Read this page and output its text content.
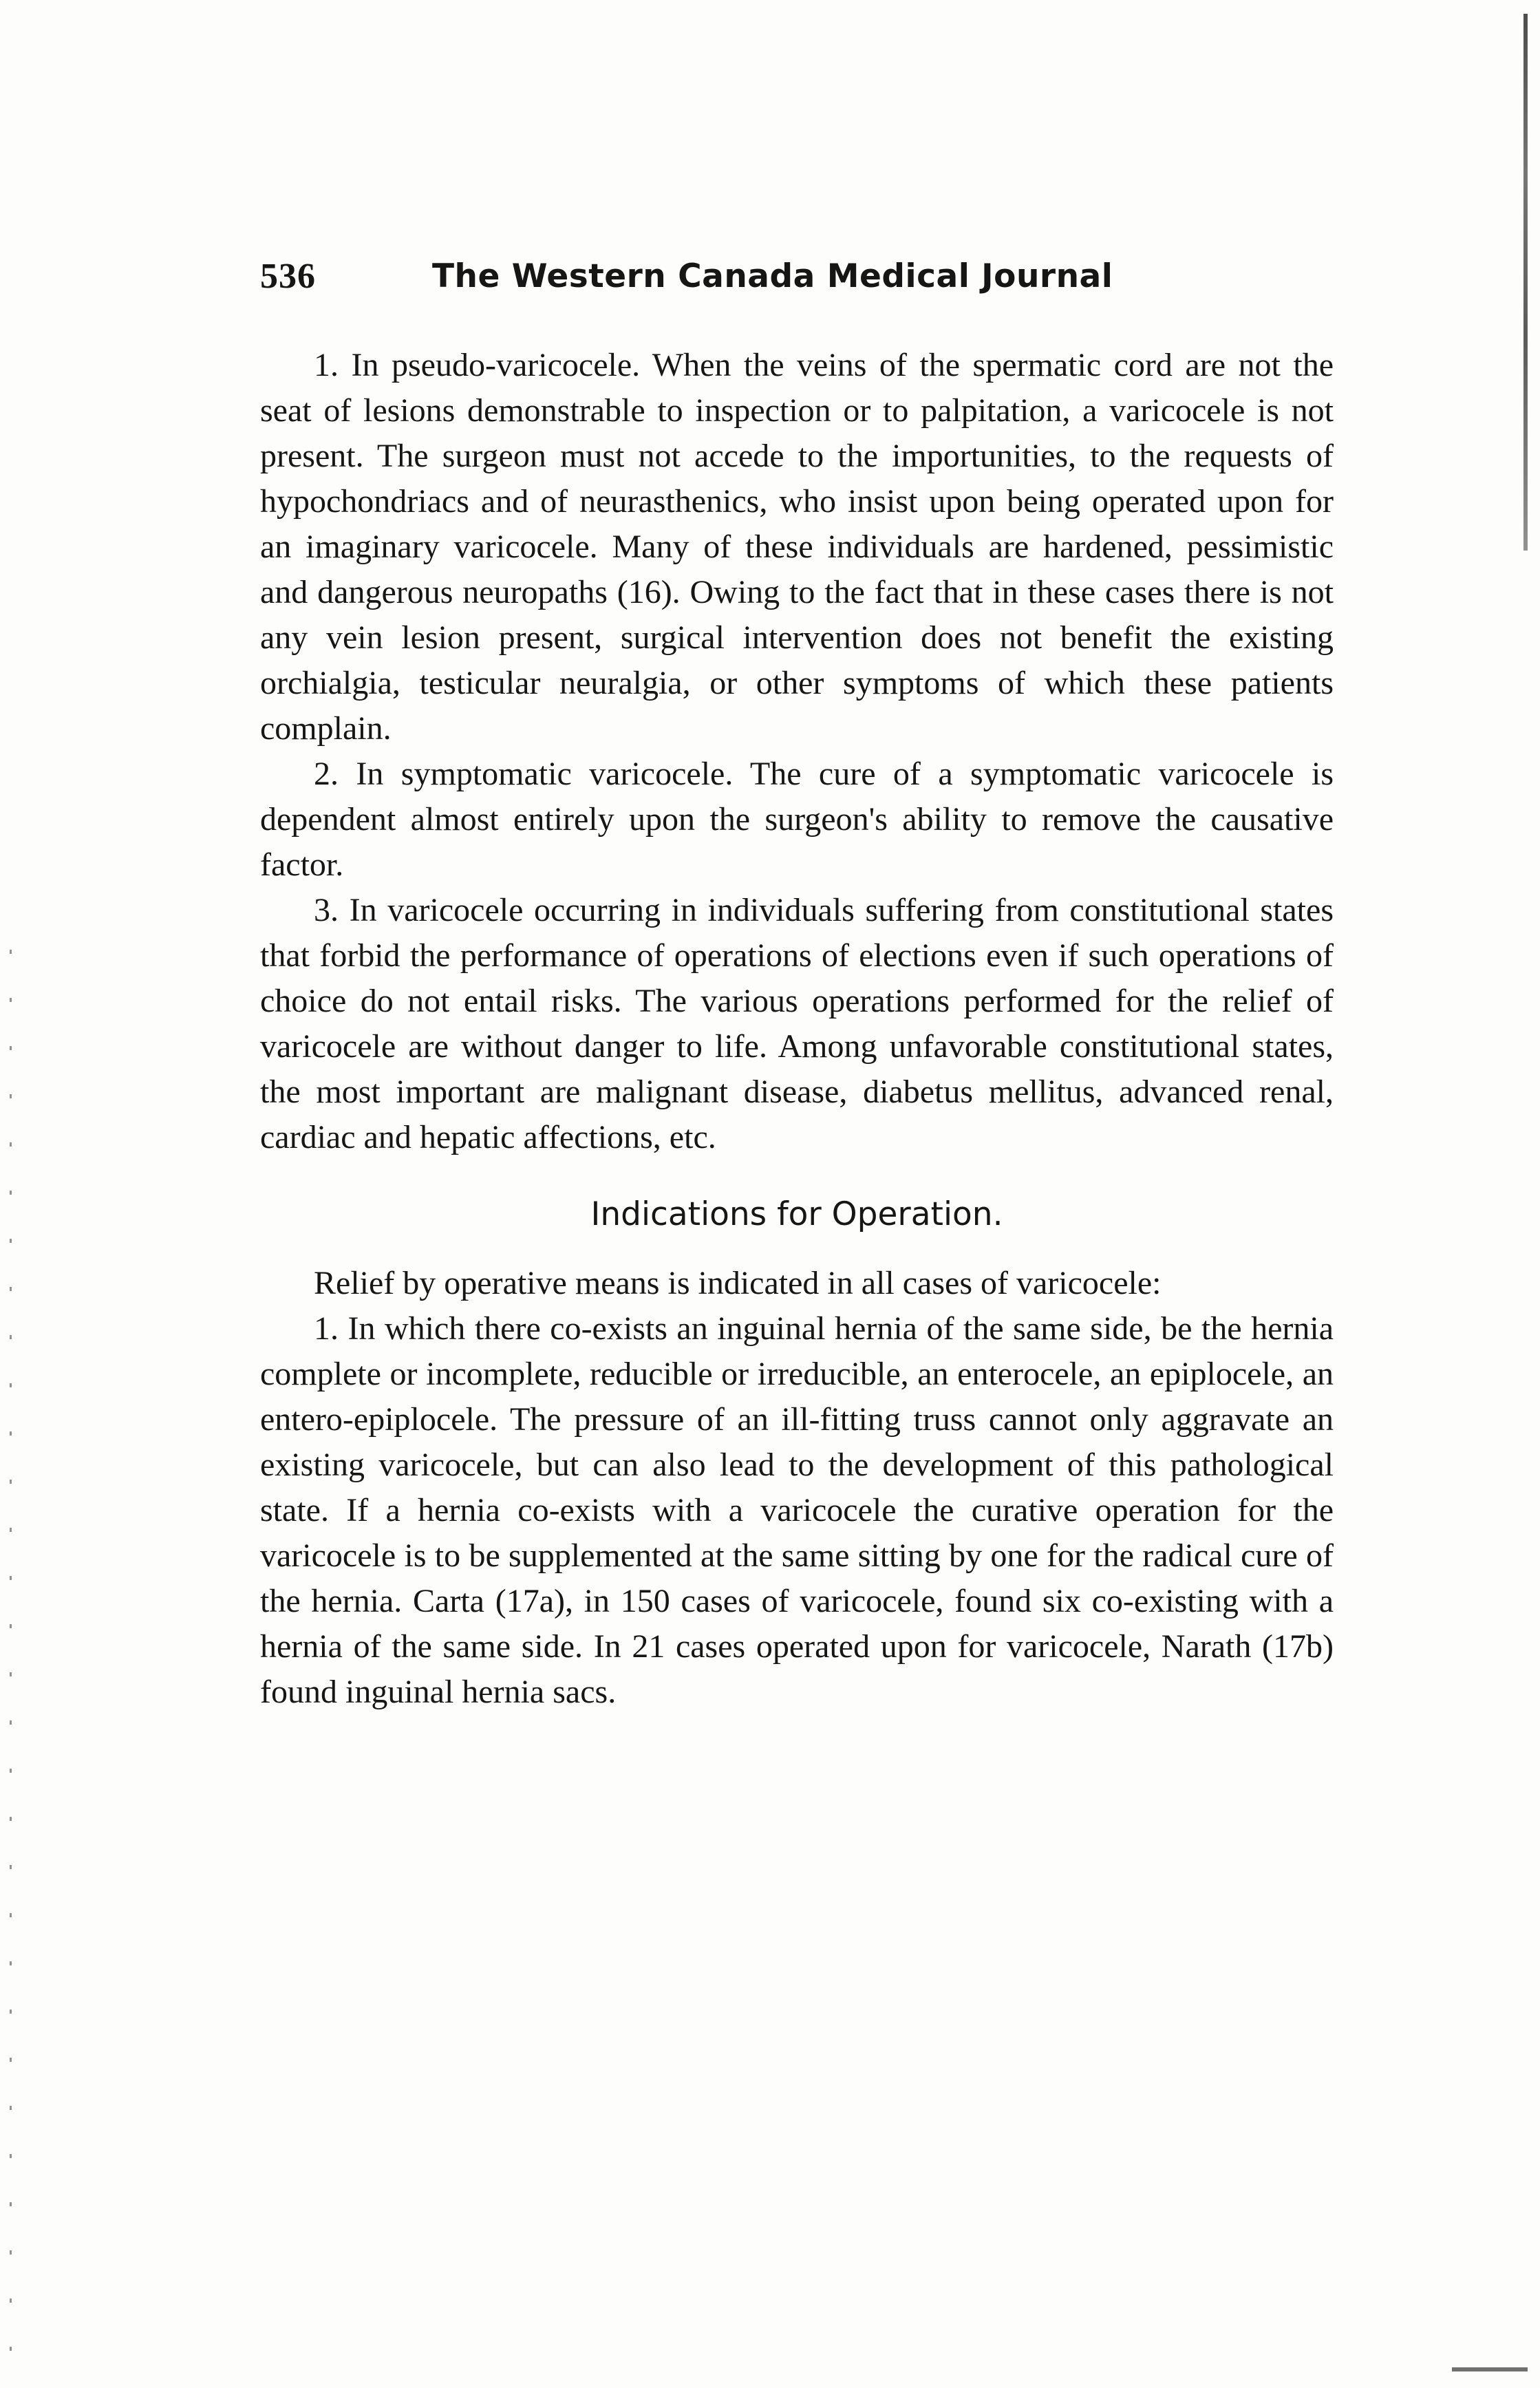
536	The Western Canada Medical Journal

1. In pseudo-varicocele. When the veins of the spermatic cord are not the seat of lesions demonstrable to inspection or to palpitation, a varicocele is not present. The surgeon must not accede to the importunities, to the requests of hypochondriacs and of neurasthenics, who insist upon being operated upon for an imaginary varicocele. Many of these individuals are hardened, pessimistic and dangerous neuropaths (16). Owing to the fact that in these cases there is not any vein lesion present, surgical intervention does not benefit the existing orchialgia, testicular neuralgia, or other symptoms of which these patients complain.

2. In symptomatic varicocele. The cure of a symptomatic varicocele is dependent almost entirely upon the surgeon's ability to remove the causative factor.

3. In varicocele occurring in individuals suffering from constitutional states that forbid the performance of operations of elections even if such operations of choice do not entail risks. The various operations performed for the relief of varicocele are without danger to life. Among unfavorable constitutional states, the most important are malignant disease, diabetus mellitus, advanced renal, cardiac and hepatic affections, etc.

Indications for Operation.

Relief by operative means is indicated in all cases of varicocele:

1. In which there co-exists an inguinal hernia of the same side, be the hernia complete or incomplete, reducible or irreducible, an enterocele, an epiplocele, an entero-epiplocele. The pressure of an ill-fitting truss cannot only aggravate an existing varicocele, but can also lead to the development of this pathological state. If a hernia co-exists with a varicocele the curative operation for the varicocele is to be supplemented at the same sitting by one for the radical cure of the hernia. Carta (17a), in 150 cases of varicocele, found six co-existing with a hernia of the same side. In 21 cases operated upon for varicocele, Narath (17b) found inguinal hernia sacs.
